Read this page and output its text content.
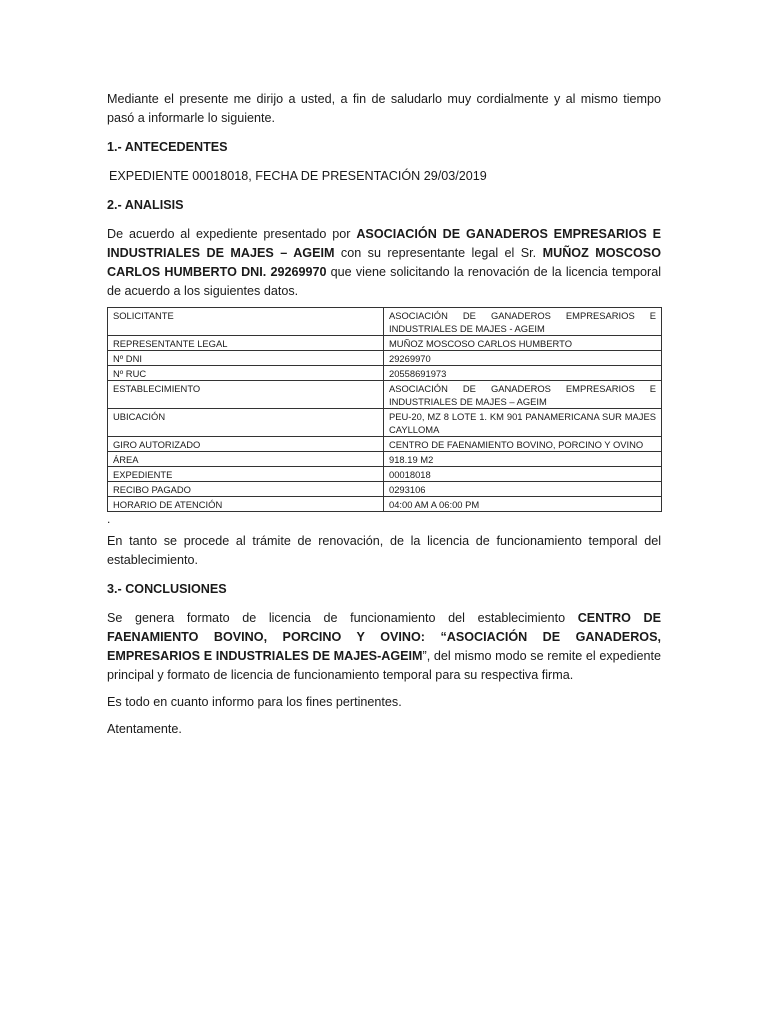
Mediante el presente me dirijo a usted, a fin de saludarlo muy cordialmente y al mismo tiempo pasó a informarle lo siguiente.

1.- ANTECEDENTES

EXPEDIENTE 00018018, FECHA DE PRESENTACIÓN 29/03/2019

2.- ANALISIS

De acuerdo al expediente presentado por ASOCIACIÓN DE GANADEROS EMPRESARIOS E INDUSTRIALES DE MAJES – AGEIM con su representante legal el Sr. MUÑOZ MOSCOSO CARLOS HUMBERTO DNI. 29269970 que viene solicitando la renovación de la licencia temporal de acuerdo a los siguientes datos.

SOLICITANTE	ASOCIACIÓN DE GANADEROS EMPRESARIOS E INDUSTRIALES DE MAJES - AGEIM
REPRESENTANTE LEGAL	MUÑOZ MOSCOSO CARLOS HUMBERTO
Nº DNI	29269970
Nº RUC	20558691973
ESTABLECIMIENTO	ASOCIACIÓN DE GANADEROS EMPRESARIOS E INDUSTRIALES DE MAJES – AGEIM
UBICACIÓN	PEU-20, MZ 8 LOTE 1. KM 901 PANAMERICANA SUR MAJES CAYLLOMA
GIRO AUTORIZADO	CENTRO DE FAENAMIENTO BOVINO, PORCINO Y OVINO
ÁREA	918.19 M2
EXPEDIENTE	00018018
RECIBO PAGADO	0293106
HORARIO DE ATENCIÓN	04:00 AM A 06:00 PM
.

En tanto se procede al trámite de renovación, de la licencia de funcionamiento temporal del establecimiento.

3.- CONCLUSIONES

Se genera formato de licencia de funcionamiento del establecimiento CENTRO DE FAENAMIENTO BOVINO, PORCINO Y OVINO: “ASOCIACIÓN DE GANADEROS, EMPRESARIOS E INDUSTRIALES DE MAJES-AGEIM”, del mismo modo se remite el expediente principal y formato de licencia de funcionamiento temporal para su respectiva firma.

Es todo en cuanto informo para los fines pertinentes.

Atentamente.
